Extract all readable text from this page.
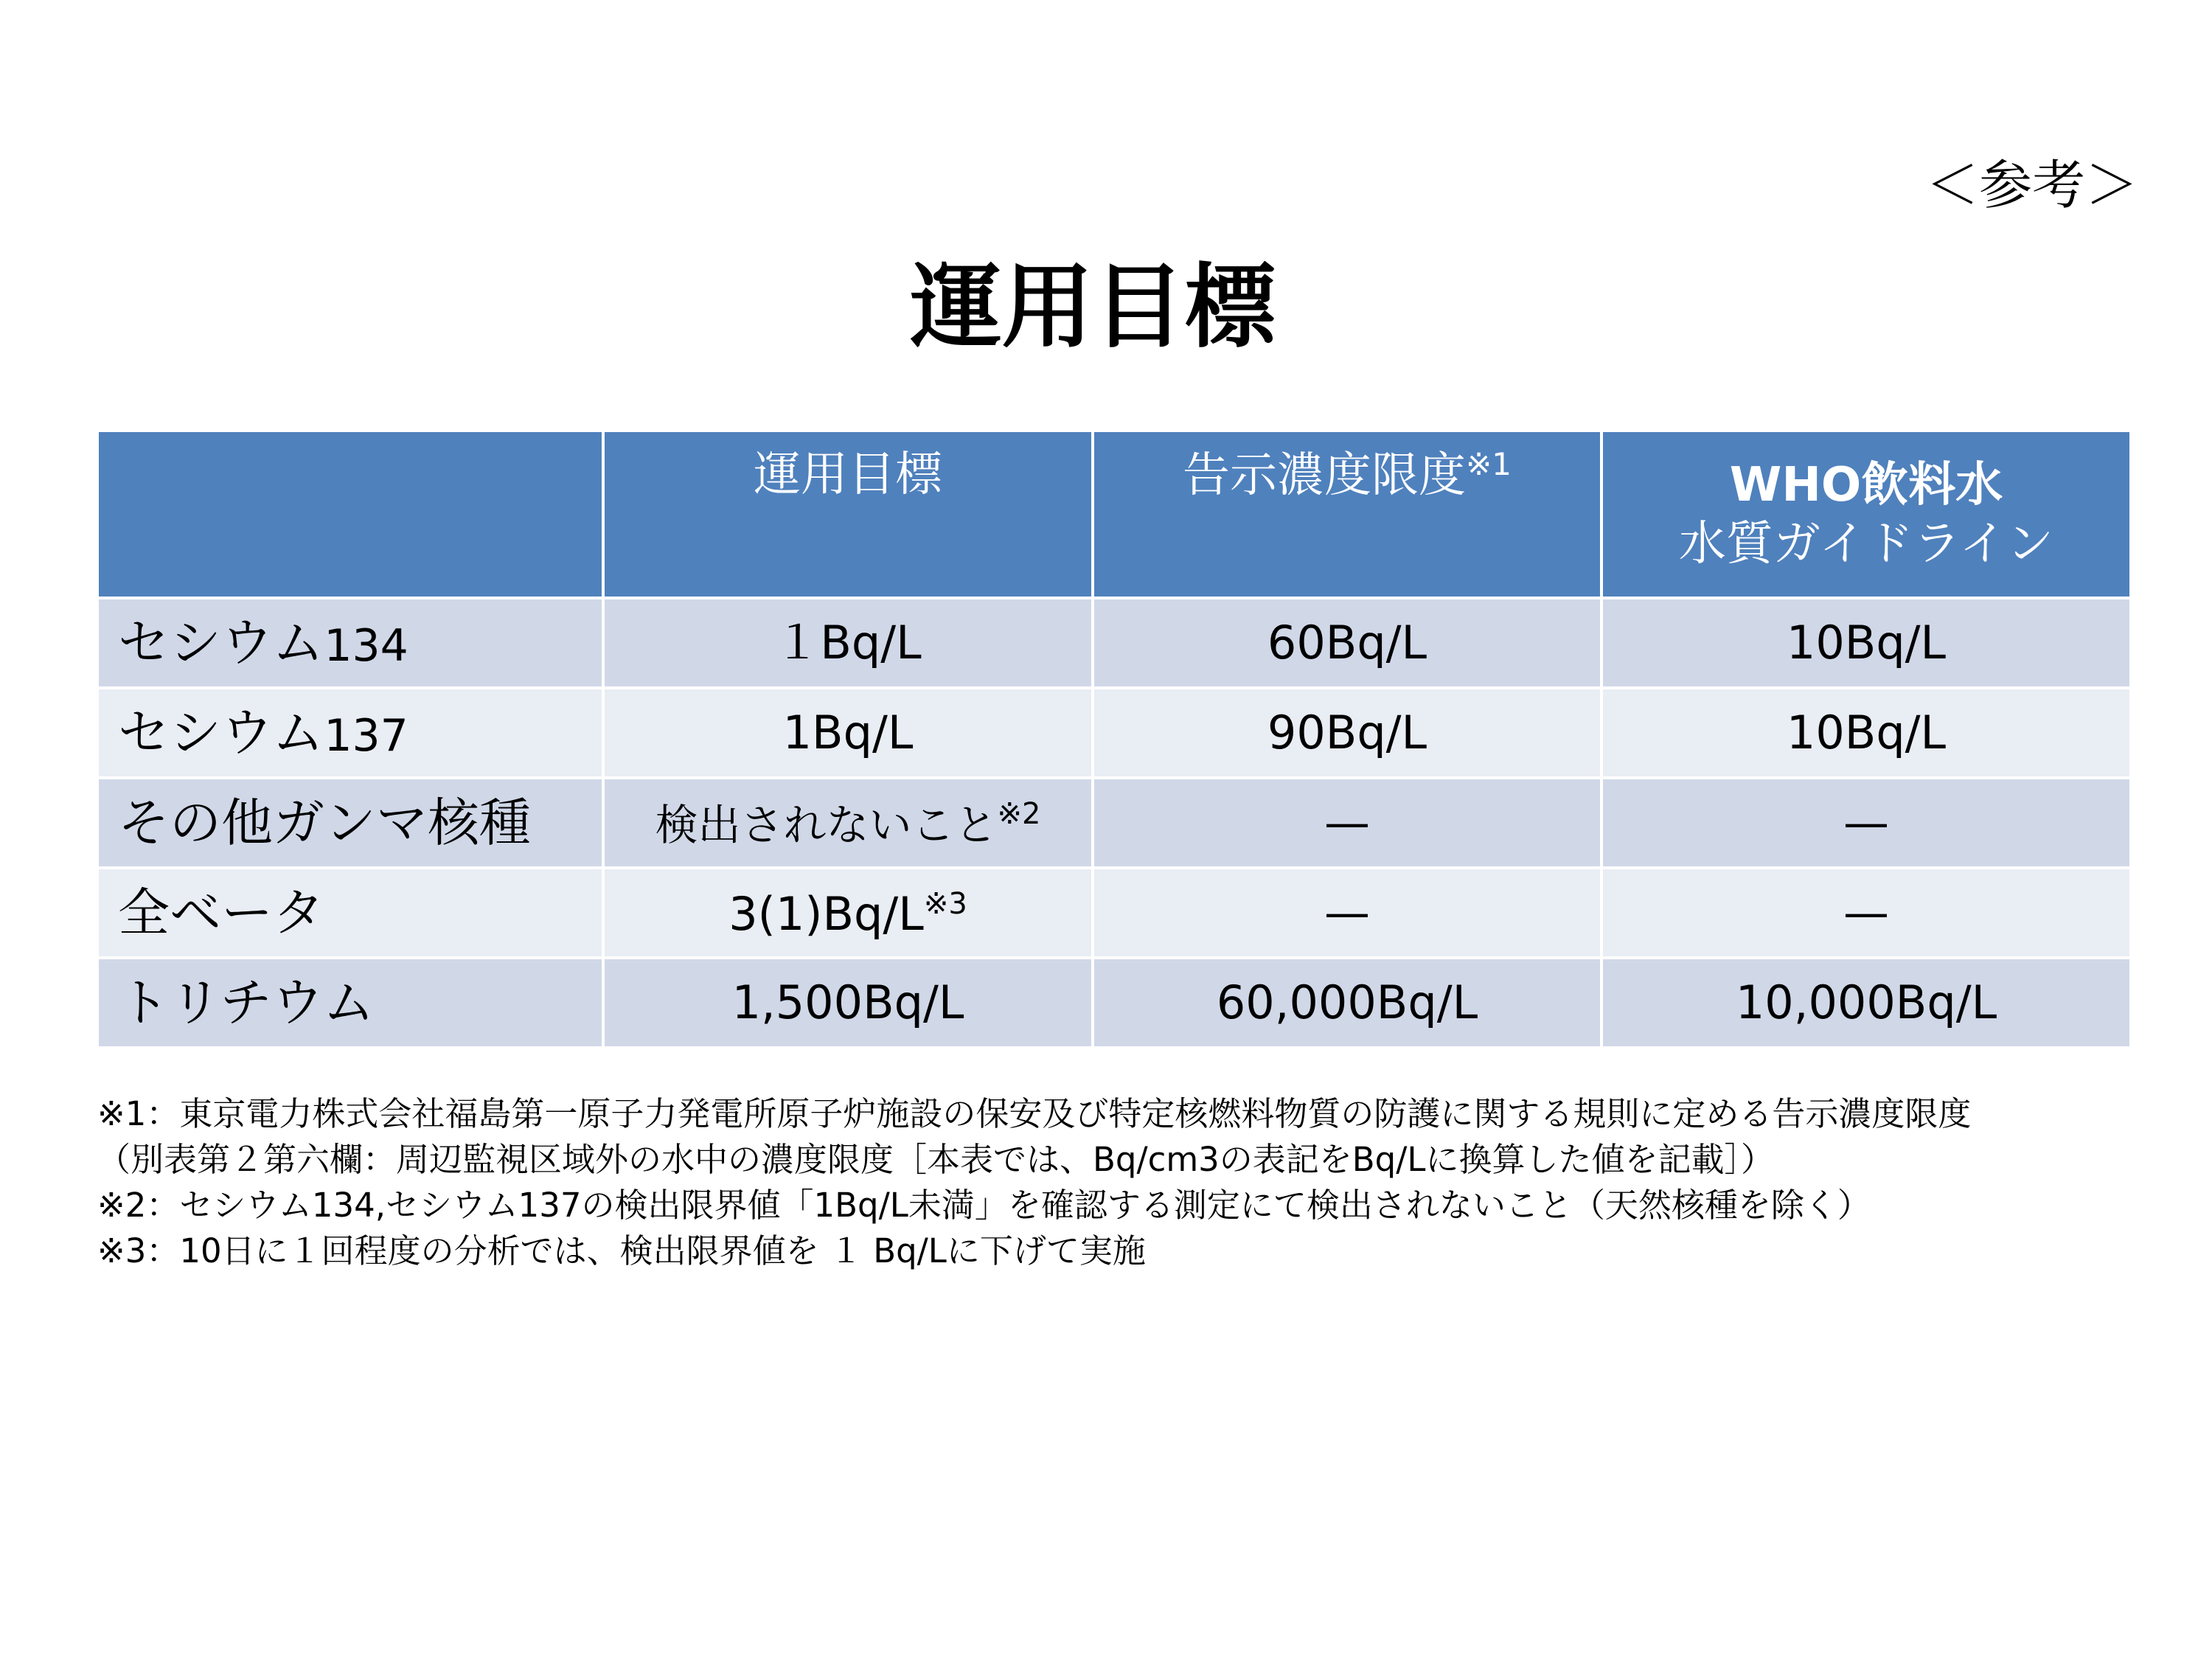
＜参考＞
運用目標
	運用目標	告示濃度限度$^{※1}$	WHO飲料水
水質ガイドライン

セシウム134	１Bq/L	60Bq/L	10Bq/L
セシウム137	1Bq/L	90Bq/L	10Bq/L
その他ガンマ核種	検出されないこと$^{※2}$	—	—
全ベータ	$3(1)Bq/L^{※3}$	—	—
トリチウム	1,500Bq/L	60,000Bq/L	10,000Bq/L
※1：東京電力株式会社福島第一原子力発電所原子炉施設の保安及び特定核燃料物質の防護に関する規則に定める告示濃度限度
（別表第２第六欄：周辺監視区域外の水中の濃度限度［本表では、Bq/cm3の表記をBq/Lに換算した値を記載］）
※2：セシウム134,セシウム137の検出限界値「1Bq/L未満」を確認する測定にて検出されないこと（天然核種を除く）
※3：10日に１回程度の分析では、検出限界値を １ Bq/Lに下げて実施
